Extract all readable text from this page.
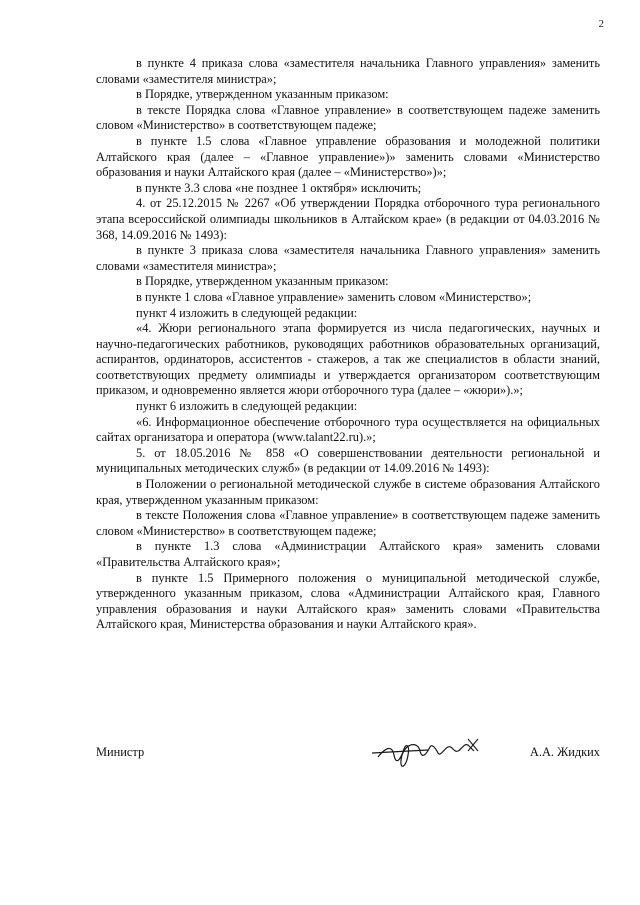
2

в пункте 4 приказа слова «заместителя начальника Главного управления» заменить словами «заместителя министра»;

в Порядке, утвержденном указанным приказом:

в тексте Порядка слова «Главное управление» в соответствующем падеже заменить словом «Министерство» в соответствующем падеже;

в пункте 1.5 слова «Главное управление образования и молодежной политики Алтайского края (далее – «Главное управление»)» заменить словами «Министерство образования и науки Алтайского края (далее – «Министерство»)»;

в пункте 3.3 слова «не позднее 1 октября» исключить;

4. от 25.12.2015 № 2267 «Об утверждении Порядка отборочного тура регионального этапа всероссийской олимпиады школьников в Алтайском крае» (в редакции от 04.03.2016 № 368, 14.09.2016 № 1493):

в пункте 3 приказа слова «заместителя начальника Главного управления» заменить словами «заместителя министра»;

в Порядке, утвержденном указанным приказом:

в пункте 1 слова «Главное управление» заменить словом «Министерство»;

пункт 4 изложить в следующей редакции:

«4. Жюри регионального этапа формируется из числа педагогических, научных и научно-педагогических работников, руководящих работников образовательных организаций, аспирантов, ординаторов, ассистентов - стажеров, а так же специалистов в области знаний, соответствующих предмету олимпиады и утверждается организатором соответствующим приказом, и одновременно является жюри отборочного тура (далее – «жюри»).»;

пункт 6 изложить в следующей редакции:

«6. Информационное обеспечение отборочного тура осуществляется на официальных сайтах организатора и оператора (www.talant22.ru).»;

5. от 18.05.2016 № 858 «О совершенствовании деятельности региональной и муниципальных методических служб» (в редакции от 14.09.2016 № 1493):

в Положении о региональной методической службе в системе образования Алтайского края, утвержденном указанным приказом:

в тексте Положения слова «Главное управление» в соответствующем падеже заменить словом «Министерство» в соответствующем падеже;

в пункте 1.3 слова «Администрации Алтайского края» заменить словами «Правительства Алтайского края»;

в пункте 1.5 Примерного положения о муниципальной методической службе, утвержденного указанным приказом, слова «Администрации Алтайского края, Главного управления образования и науки Алтайского края» заменить словами «Правительства Алтайского края, Министерства образования и науки Алтайского края».

Министр	А.А. Жидких
